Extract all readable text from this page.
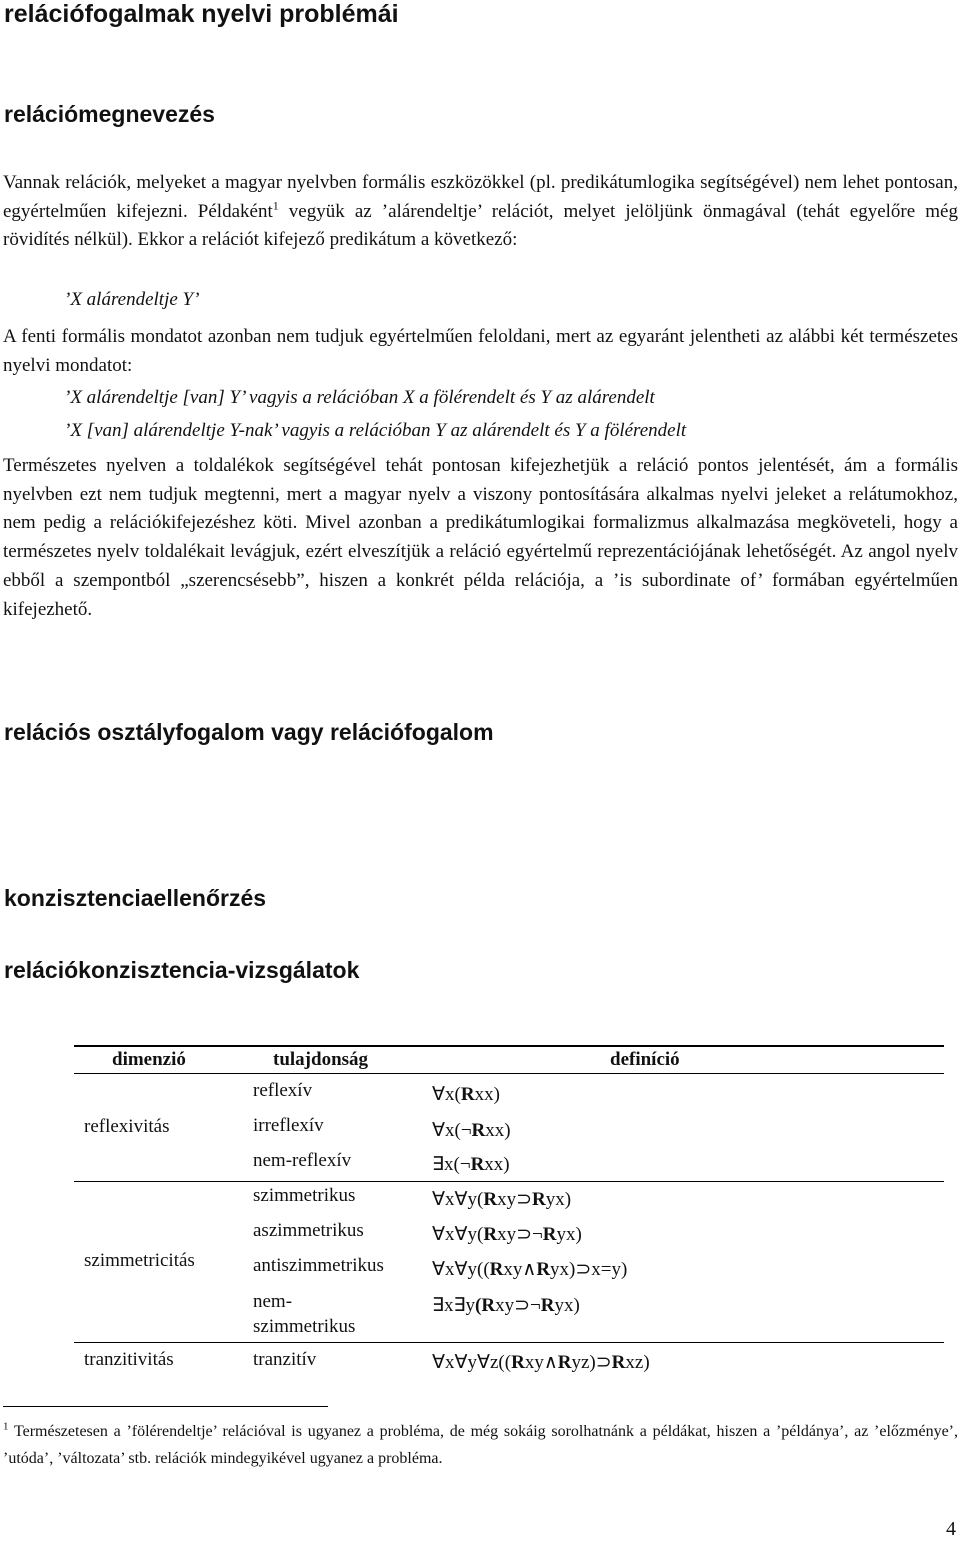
relációfogalmak nyelvi problémái
relációmegnevezés

Vannak relációk, melyeket a magyar nyelvben formális eszközökkel (pl. predikátumlogika segítségével) nem lehet pontosan, egyértelműen kifejezni. Példaként$^1$ vegyük az ’alárendeltje’ relációt, melyet jelöljünk önmagával (tehát egyelőre még rövidítés nélkül). Ekkor a relációt kifejező predikátum a következő:

’X alárendeltje Y’

A fenti formális mondatot azonban nem tudjuk egyértelműen feloldani, mert az egyaránt jelentheti az alábbi két természetes nyelvi mondatot:

’X alárendeltje [van] Y’ vagyis a relációban X a fölérendelt és Y az alárendelt

’X [van] alárendeltje Y-nak’ vagyis a relációban Y az alárendelt és Y a fölérendelt

Természetes nyelven a toldalékok segítségével tehát pontosan kifejezhetjük a reláció pontos jelentését, ám a formális nyelvben ezt nem tudjuk megtenni, mert a magyar nyelv a viszony pontosítására alkalmas nyelvi jeleket a relátumokhoz, nem pedig a relációkifejezéshez köti. Mivel azonban a predikátumlogikai formalizmus alkalmazása megköveteli, hogy a természetes nyelv toldalékait levágjuk, ezért elveszítjük a reláció egyértelmű reprezentációjának lehetőségét. Az angol nyelv ebből a szempontból „szerencsésebb”, hiszen a konkrét példa relációja, a ’is subordinate of’ formában egyértelműen kifejezhető.

relációs osztályfogalom vagy relációfogalom
konzisztenciaellenőrzés
relációkonzisztencia-vizsgálatok
dimenzió	tulajdonság	definíció
reflexivitás
szimmetricitás
tranzitivitás
reflexív
irreflexív
nem-reflexív
szimmetrikus
aszimmetrikus
antiszimmetrikus
nem-
szimmetrikus
tranzitív
∀x(Rxx)
∀x(¬Rxx)
∃x(¬Rxx)
∀x∀y(Rxy⊃Ryx)
∀x∀y(Rxy⊃¬Ryx)
∀x∀y((Rxy∧Ryx)⊃x=y)
∃x∃y(Rxy⊃¬Ryx)
∀x∀y∀z((Rxy∧Ryz)⊃Rxz)

$^1$ Természetesen a ’fölérendeltje’ relációval is ugyanez a probléma, de még sokáig sorolhatnánk a példákat, hiszen a ’példánya’, az ’előzménye’, ’utóda’, ’változata’ stb. relációk mindegyikével ugyanez a probléma.

4
